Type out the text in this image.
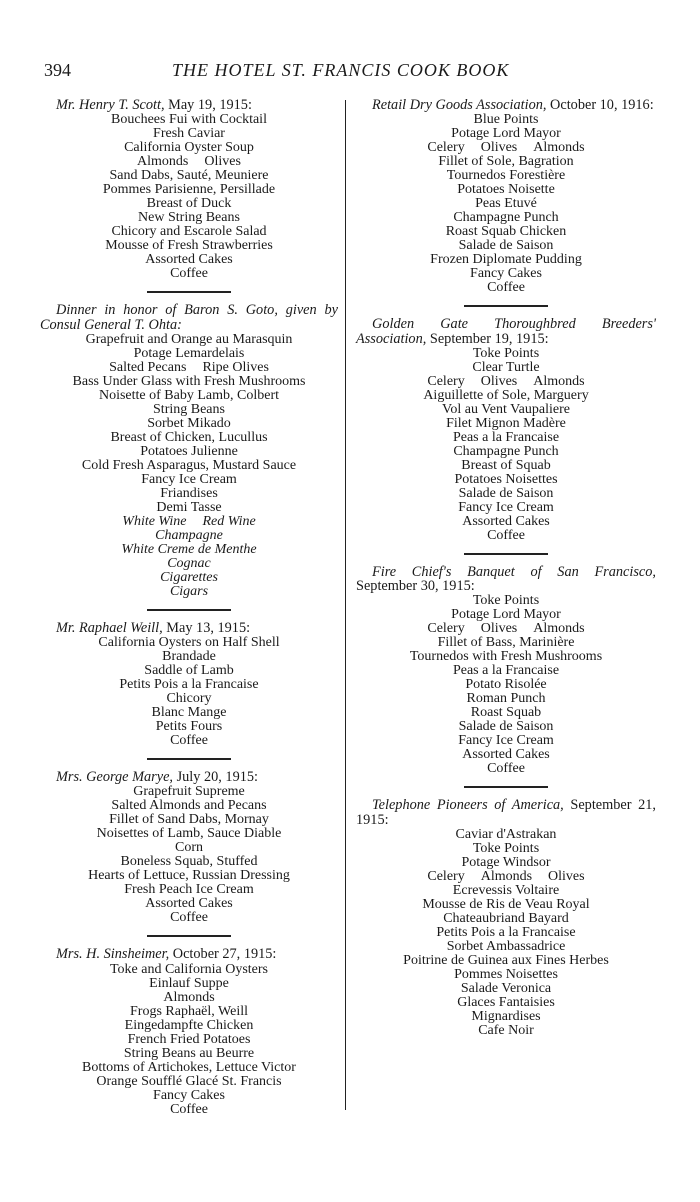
394	THE HOTEL ST. FRANCIS COOK BOOK
Mr. Henry T. Scott, May 19, 1915:
Bouchees Fui with Cocktail
Fresh Caviar
California Oyster Soup
Almonds Olives
Sand Dabs, Sauté, Meuniere
Pommes Parisienne, Persillade
Breast of Duck
New String Beans
Chicory and Escarole Salad
Mousse of Fresh Strawberries
Assorted Cakes
Coffee
Dinner in honor of Baron S. Goto, given by Consul General T. Ohta:
Grapefruit and Orange au Marasquin
Potage Lemardelais
Salted Pecans Ripe Olives
Bass Under Glass with Fresh Mushrooms
Noisette of Baby Lamb, Colbert
String Beans
Sorbet Mikado
Breast of Chicken, Lucullus
Potatoes Julienne
Cold Fresh Asparagus, Mustard Sauce
Fancy Ice Cream
Friandises
Demi Tasse
White Wine Red Wine
Champagne
White Creme de Menthe
Cognac
Cigarettes
Cigars
Mr. Raphael Weill, May 13, 1915:
California Oysters on Half Shell
Brandade
Saddle of Lamb
Petits Pois a la Francaise
Chicory
Blanc Mange
Petits Fours
Coffee
Mrs. George Marye, July 20, 1915:
Grapefruit Supreme
Salted Almonds and Pecans
Fillet of Sand Dabs, Mornay
Noisettes of Lamb, Sauce Diable
Corn
Boneless Squab, Stuffed
Hearts of Lettuce, Russian Dressing
Fresh Peach Ice Cream
Assorted Cakes
Coffee
Mrs. H. Sinsheimer, October 27, 1915:
Toke and California Oysters
Einlauf Suppe
Almonds
Frogs Raphaël, Weill
Eingedampfte Chicken
French Fried Potatoes
String Beans au Beurre
Bottoms of Artichokes, Lettuce Victor
Orange Soufflé Glacé St. Francis
Fancy Cakes
Coffee
Retail Dry Goods Association, October 10, 1916:
Blue Points
Potage Lord Mayor
Celery Olives Almonds
Fillet of Sole, Bagration
Tournedos Forestière
Potatoes Noisette
Peas Etuvé
Champagne Punch
Roast Squab Chicken
Salade de Saison
Frozen Diplomate Pudding
Fancy Cakes
Coffee
Golden Gate Thoroughbred Breeders' Association, September 19, 1915:
Toke Points
Clear Turtle
Celery Olives Almonds
Aiguillette of Sole, Marguery
Vol au Vent Vaupaliere
Filet Mignon Madère
Peas a la Francaise
Champagne Punch
Breast of Squab
Potatoes Noisettes
Salade de Saison
Fancy Ice Cream
Assorted Cakes
Coffee
Fire Chief's Banquet of San Francisco, September 30, 1915:
Toke Points
Potage Lord Mayor
Celery Olives Almonds
Fillet of Bass, Marinière
Tournedos with Fresh Mushrooms
Peas a la Francaise
Potato Risolée
Roman Punch
Roast Squab
Salade de Saison
Fancy Ice Cream
Assorted Cakes
Coffee
Telephone Pioneers of America, September 21, 1915:
Caviar d'Astrakan
Toke Points
Potage Windsor
Celery Almonds Olives
Ecrevessis Voltaire
Mousse de Ris de Veau Royal
Chateaubriand Bayard
Petits Pois a la Francaise
Sorbet Ambassadrice
Poitrine de Guinea aux Fines Herbes
Pommes Noisettes
Salade Veronica
Glaces Fantaisies
Mignardises
Cafe Noir
